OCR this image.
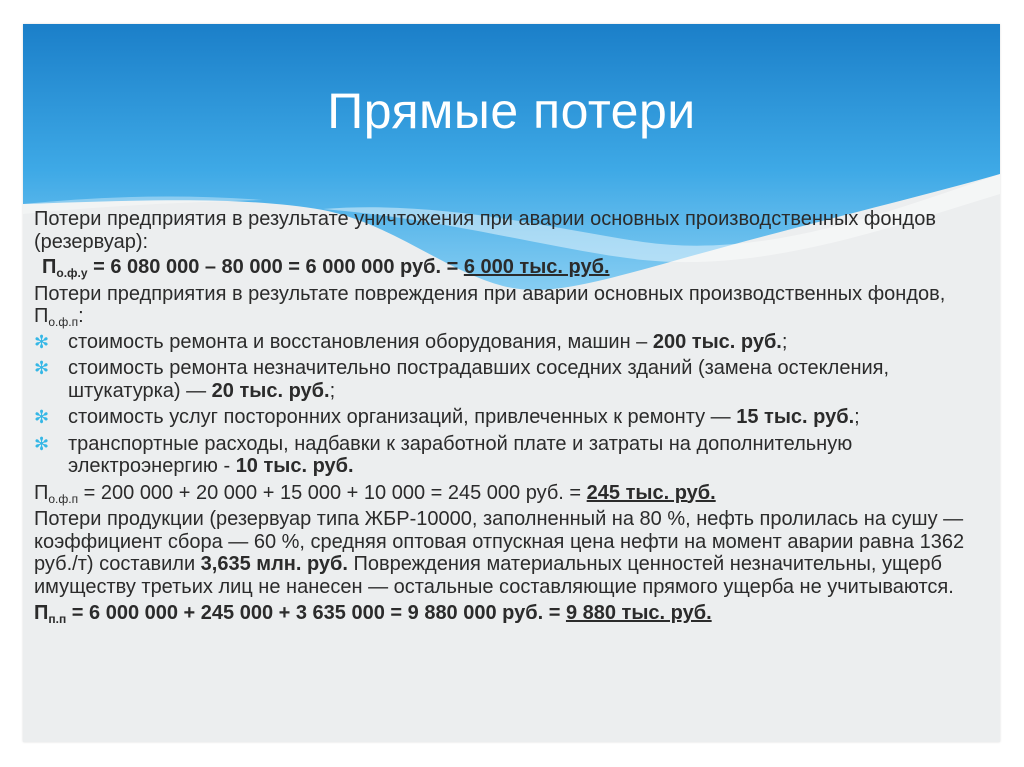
Прямые потери

Потери предприятия в результате уничтожения при аварии основных производственных фондов (резервуар):

$П_{о.ф.у} = 6$ 080 000 – 80 000 = 6 000 000 руб. = 6 000 тыс. руб.

Потери предприятия в результате повреждения при аварии основных производственных фондов, $П_{о.ф.п}$:

✻ стоимость ремонта и восстановления оборудования, машин – 200 тыс. руб.;
✻ стоимость ремонта незначительно пострадавших соседних зданий (замена остекления, штукатурка) — 20 тыс. руб.;
✻ стоимость услуг посторонних организаций, привлеченных к ремонту — 15 тыс. руб.;
✻ транспортные расходы, надбавки к заработной плате и затраты на дополнительную электроэнергию - 10 тыс. руб.

$П_{о.ф.п} = 200$ 000 + 20 000 + 15 000 + 10 000 = 245 000 руб. = 245 тыс. руб.

Потери продукции (резервуар типа ЖБР-10000, заполненный на 80 %, нефть пролилась на сушу — коэффициент сбора — 60 %, средняя оптовая отпускная цена нефти на момент аварии равна 1362 руб./т) составили 3,635 млн. руб. Повреждения материальных ценностей незначительны, ущерб имуществу третьих лиц не нанесен — остальные составляющие прямого ущерба не учитываются.

$П_{п.п} = 6$ 000 000 + 245 000 + 3 635 000 = 9 880 000 руб. = 9 880 тыс. руб.
